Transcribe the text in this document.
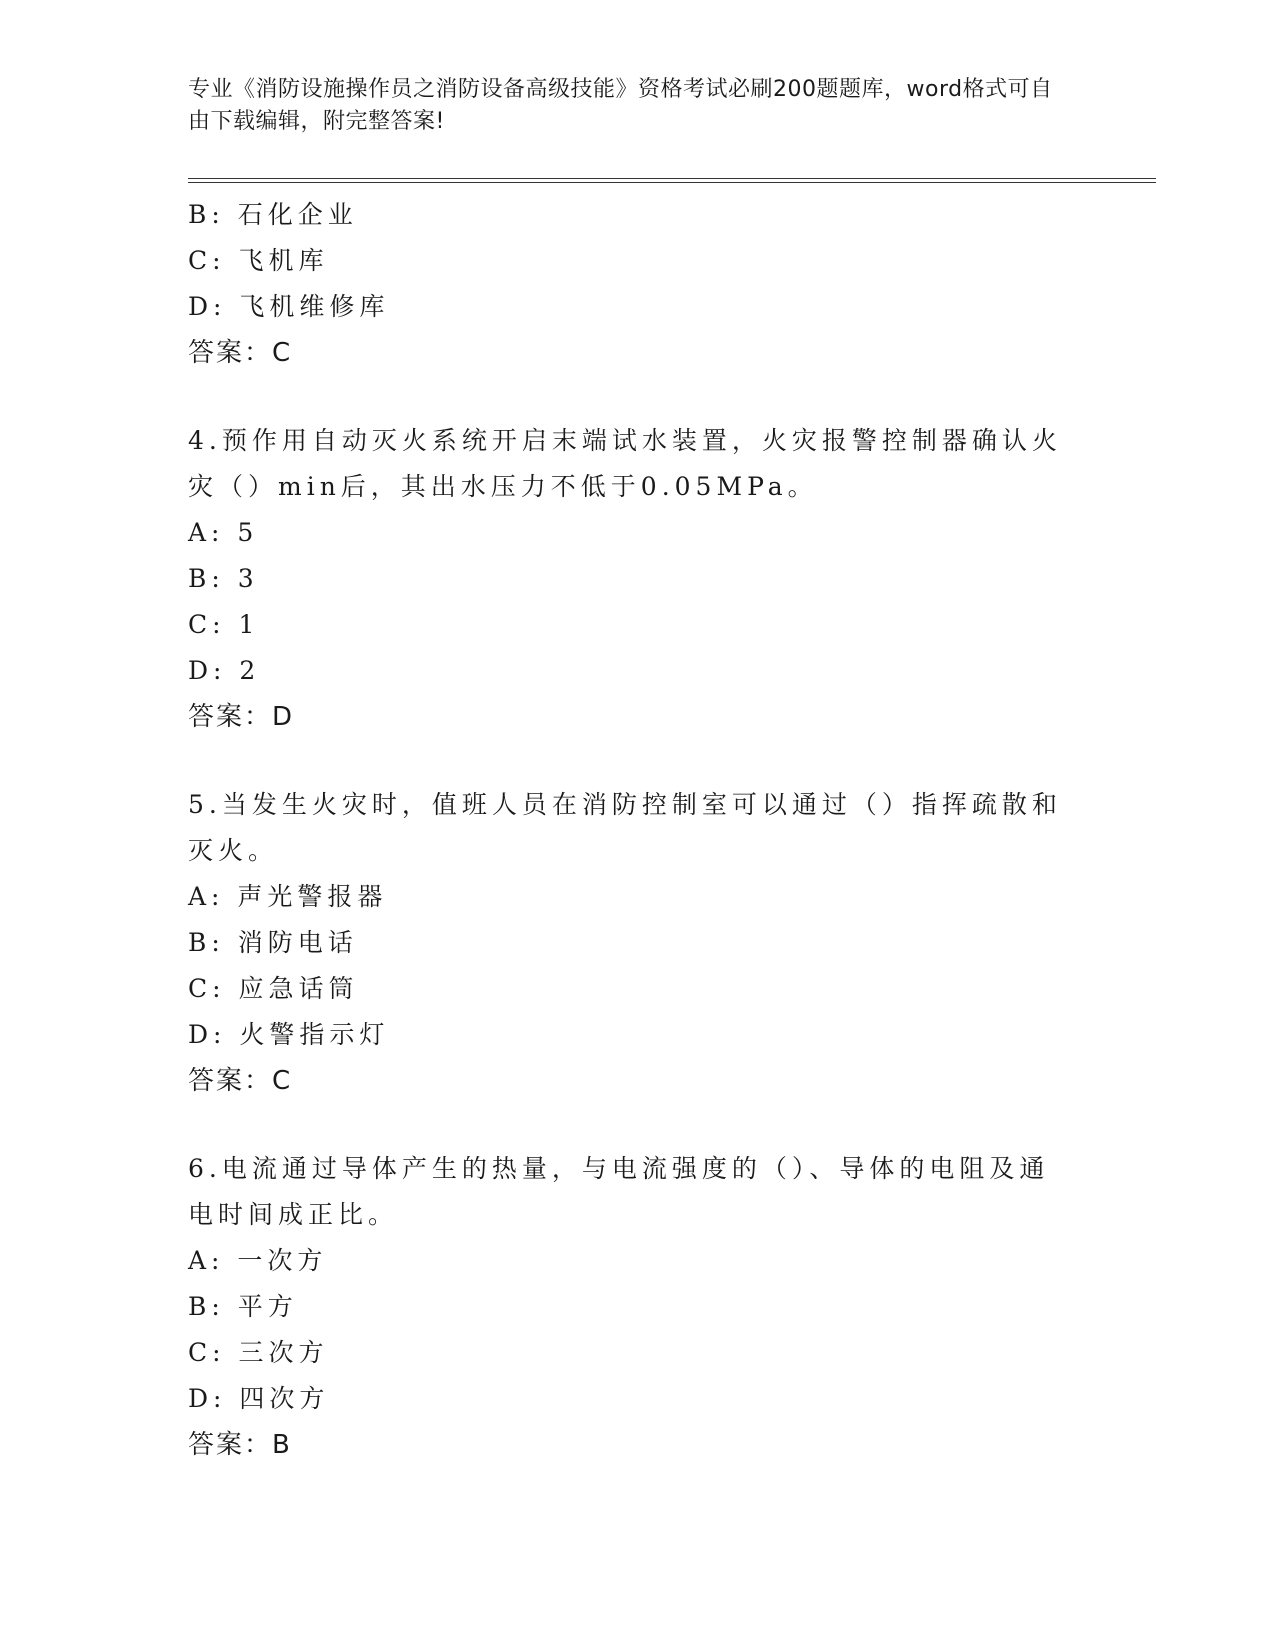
专业《消防设施操作员之消防设备高级技能》资格考试必刷200题题库，word格式可自由下载编辑，附完整答案!
B: 石化企业
C: 飞机库
D: 飞机维修库
答案：C
4.预作用自动灭火系统开启末端试水装置，火灾报警控制器确认火灾（）min后，其出水压力不低于0.05MPa。
A: 5
B: 3
C: 1
D: 2
答案：D
5.当发生火灾时，值班人员在消防控制室可以通过（）指挥疏散和灭火。
A: 声光警报器
B: 消防电话
C: 应急话筒
D: 火警指示灯
答案：C
6.电流通过导体产生的热量，与电流强度的（）、导体的电阻及通电时间成正比。
A: 一次方
B: 平方
C: 三次方
D: 四次方
答案：B
